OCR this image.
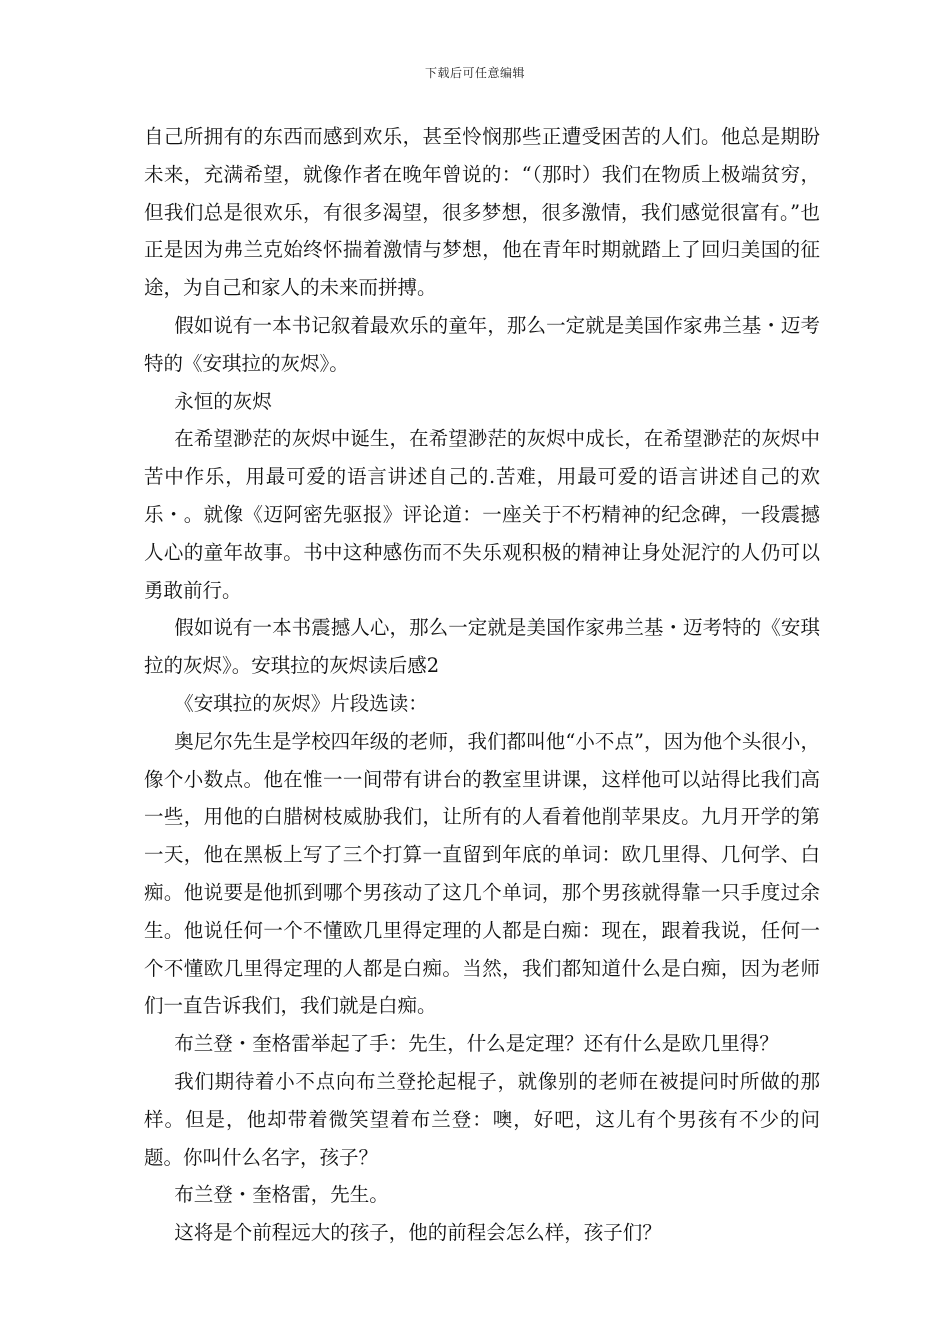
下载后可任意编辑

自己所拥有的东西而感到欢乐，甚至怜悯那些正遭受困苦的人们。他总是期盼未来，充满希望，就像作者在晚年曾说的：“（那时）我们在物质上极端贫穷，但我们总是很欢乐，有很多渴望，很多梦想，很多激情，我们感觉很富有。”也正是因为弗兰克始终怀揣着激情与梦想，他在青年时期就踏上了回归美国的征途，为自己和家人的未来而拼搏。

假如说有一本书记叙着最欢乐的童年，那么一定就是美国作家弗兰基・迈考特的《安琪拉的灰烬》。

永恒的灰烬

在希望渺茫的灰烬中诞生，在希望渺茫的灰烬中成长，在希望渺茫的灰烬中苦中作乐，用最可爱的语言讲述自己的.苦难，用最可爱的语言讲述自己的欢乐・。就像《迈阿密先驱报》评论道：一座关于不朽精神的纪念碑，一段震撼人心的童年故事。书中这种感伤而不失乐观积极的精神让身处泥泞的人仍可以勇敢前行。

假如说有一本书震撼人心，那么一定就是美国作家弗兰基・迈考特的《安琪拉的灰烬》。安琪拉的灰烬读后感2

《安琪拉的灰烬》片段选读：

奥尼尔先生是学校四年级的老师，我们都叫他“小不点”，因为他个头很小，像个小数点。他在惟一一间带有讲台的教室里讲课，这样他可以站得比我们高一些，用他的白腊树枝威胁我们，让所有的人看着他削苹果皮。九月开学的第一天，他在黑板上写了三个打算一直留到年底的单词：欧几里得、几何学、白痴。他说要是他抓到哪个男孩动了这几个单词，那个男孩就得靠一只手度过余生。他说任何一个不懂欧几里得定理的人都是白痴：现在，跟着我说，任何一个不懂欧几里得定理的人都是白痴。当然，我们都知道什么是白痴，因为老师们一直告诉我们，我们就是白痴。

布兰登・奎格雷举起了手：先生，什么是定理？还有什么是欧几里得？

我们期待着小不点向布兰登抡起棍子，就像别的老师在被提问时所做的那样。但是，他却带着微笑望着布兰登：噢，好吧，这儿有个男孩有不少的问题。你叫什么名字，孩子？

布兰登・奎格雷，先生。

这将是个前程远大的孩子，他的前程会怎么样，孩子们？
